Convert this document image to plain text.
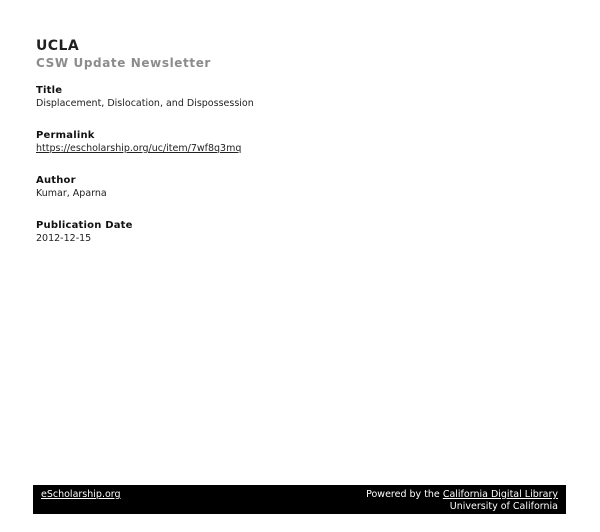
UCLA
CSW Update Newsletter
Title
Displacement, Dislocation, and Dispossession
Permalink
https://escholarship.org/uc/item/7wf8q3mq
Author
Kumar, Aparna
Publication Date
2012-12-15
eScholarship.org	Powered by the California Digital Library
University of California
